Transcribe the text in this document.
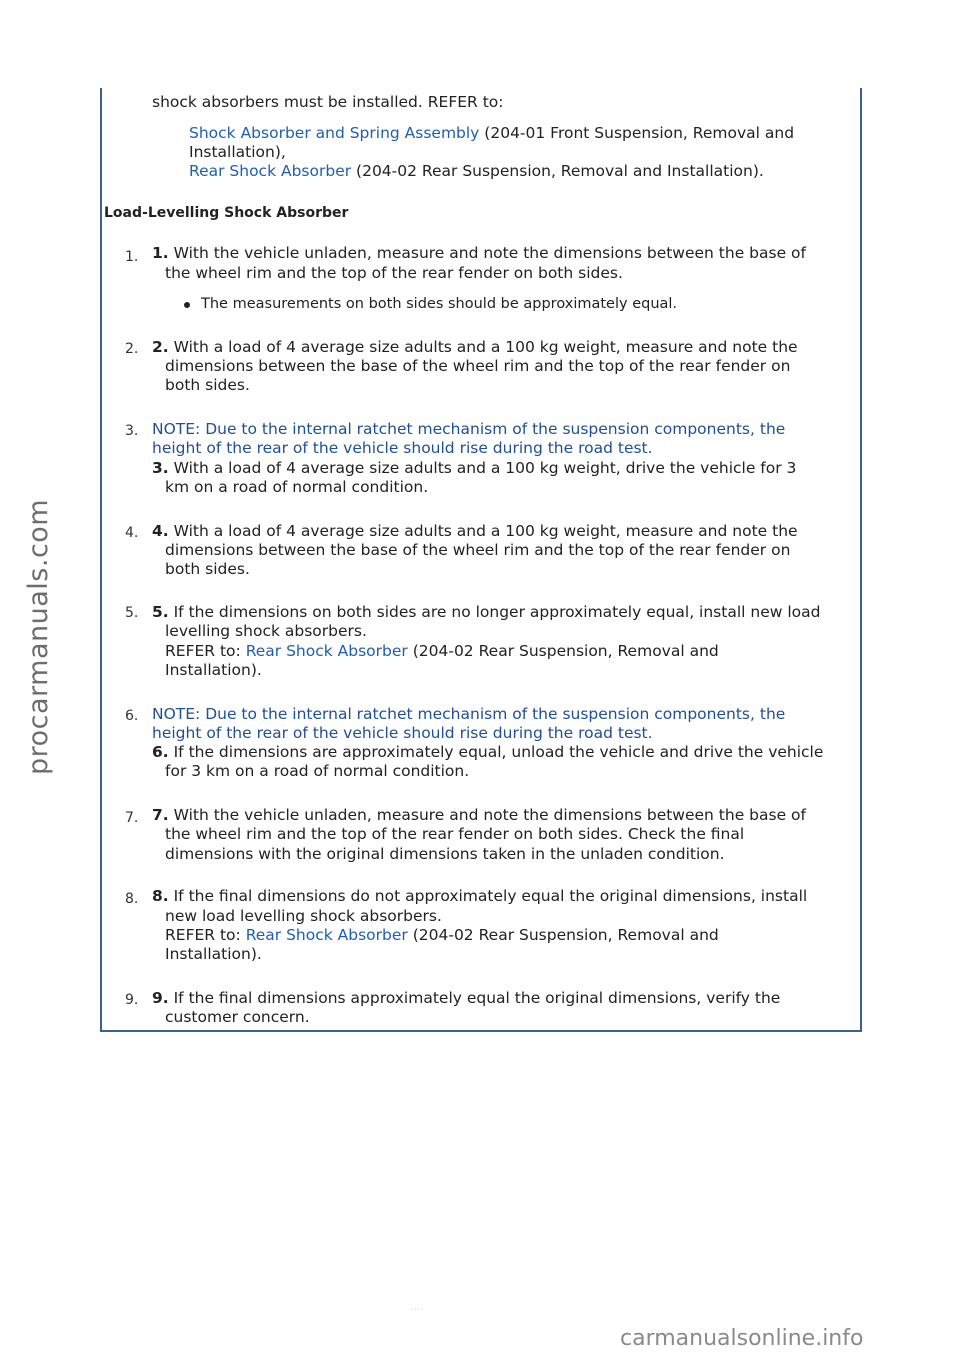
shock absorbers must be installed. REFER to:
Shock Absorber and Spring Assembly (204-01 Front Suspension, Removal and
Installation),
Rear Shock Absorber (204-02 Rear Suspension, Removal and Installation).
Load-Levelling Shock Absorber
1. 1. With the vehicle unladen, measure and note the dimensions between the base of
the wheel rim and the top of the rear fender on both sides.
The measurements on both sides should be approximately equal.
2. 2. With a load of 4 average size adults and a 100 kg weight, measure and note the
dimensions between the base of the wheel rim and the top of the rear fender on
both sides.
3. NOTE: Due to the internal ratchet mechanism of the suspension components, the
height of the rear of the vehicle should rise during the road test.
3. With a load of 4 average size adults and a 100 kg weight, drive the vehicle for 3
km on a road of normal condition.
4. 4. With a load of 4 average size adults and a 100 kg weight, measure and note the
dimensions between the base of the wheel rim and the top of the rear fender on
both sides.
5. 5. If the dimensions on both sides are no longer approximately equal, install new load
levelling shock absorbers.
REFER to: Rear Shock Absorber (204-02 Rear Suspension, Removal and
Installation).
6. NOTE: Due to the internal ratchet mechanism of the suspension components, the
height of the rear of the vehicle should rise during the road test.
6. If the dimensions are approximately equal, unload the vehicle and drive the vehicle
for 3 km on a road of normal condition.
7. 7. With the vehicle unladen, measure and note the dimensions between the base of
the wheel rim and the top of the rear fender on both sides. Check the final
dimensions with the original dimensions taken in the unladen condition.
8. 8. If the final dimensions do not approximately equal the original dimensions, install
new load levelling shock absorbers.
REFER to: Rear Shock Absorber (204-02 Rear Suspension, Removal and
Installation).
9. 9. If the final dimensions approximately equal the original dimensions, verify the
customer concern.
procarmanuals.com
....
carmanualsonline.info
